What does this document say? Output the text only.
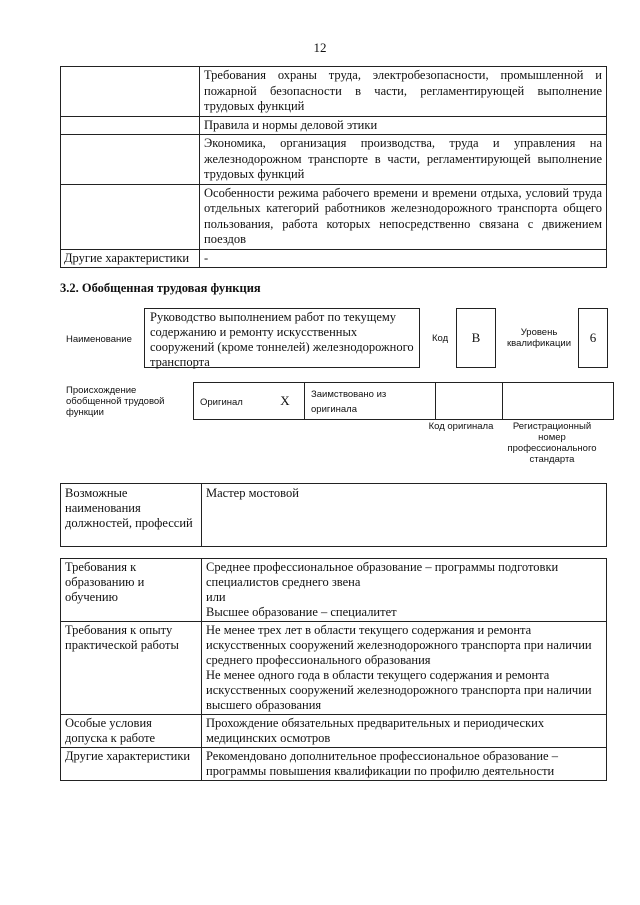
12
	Требования охраны труда, электробезопасности, промышленной и пожарной безопасности в части, регламентирующей выполнение трудовых функций
	Правила и нормы деловой этики
	Экономика, организация производства, труда и управления на железнодорожном транспорте в части, регламентирующей выполнение трудовых функций
	Особенности режима рабочего времени и времени отдыха, условий труда отдельных категорий работников железнодорожного транспорта общего пользования, работа которых непосредственно связана с движением поездов
Другие характеристики	-
3.2. Обобщенная трудовая функция
Наименование
Руководство выполнением работ по текущему содержанию и ремонту искусственных сооружений (кроме тоннелей) железнодорожного транспорта
Код B	Уровень квалификации	6
Происхождение обобщенной трудовой функции
Оригинал	X	Заимствовано из оригинала		
Код оригинала	Регистрационный номер профессионального стандарта
Возможные наименования должностей, профессий	Мастер мостовой
Требования к образованию и обучению	Среднее профессиональное образование – программы подготовки специалистов среднего звена
или
Высшее образование – специалитет

Требования к опыту практической работы	Не менее трех лет в области текущего содержания и ремонта искусственных сооружений железнодорожного транспорта при наличии среднего профессионального образования
Не менее одного года в области текущего содержания и ремонта искусственных сооружений железнодорожного транспорта при наличии высшего образования

Особые условия допуска к работе	Прохождение обязательных предварительных и периодических медицинских осмотров

Другие характеристики	Рекомендовано дополнительное профессиональное образование – программы повышения квалификации по профилю деятельности
